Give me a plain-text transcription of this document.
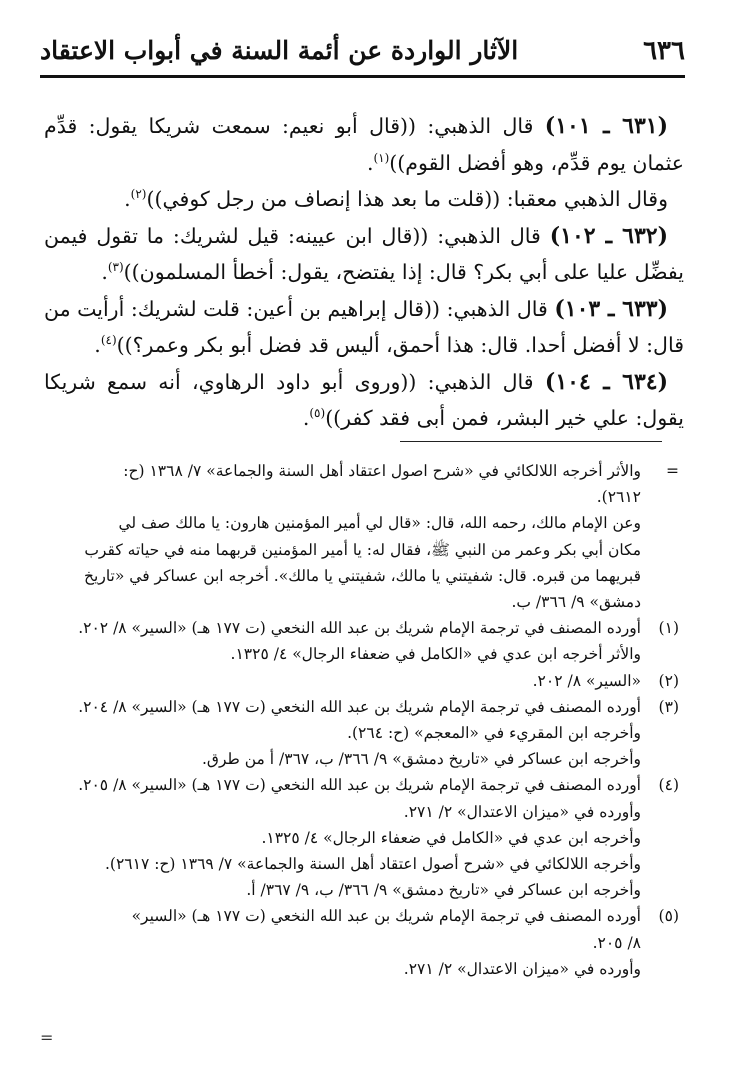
٦٣٦
الآثار الواردة عن أئمة السنة في أبواب الاعتقاد

(٦٣١ ـ ١٠١) قال الذهبي: ((قال أبو نعيم: سمعت شريكا يقول: قدِّم عثمان يوم قدِّم، وهو أفضل القوم))$^{(١)}$.

وقال الذهبي معقبا: ((قلت ما بعد هذا إنصاف من رجل كوفي))$^{(٢)}$.

(٦٣٢ ـ ١٠٢) قال الذهبي: ((قال ابن عيينه: قيل لشريك: ما تقول فيمن يفضِّل عليا على أبي بكر؟ قال: إذا يفتضح، يقول: أخطأ المسلمون))$^{(٣)}$.

(٦٣٣ ـ ١٠٣) قال الذهبي: ((قال إبراهيم بن أعين: قلت لشريك: أرأيت من قال: لا أفضل أحدا. قال: هذا أحمق، أليس قد فضل أبو بكر وعمر؟))$^{(٤)}$.

(٦٣٤ ـ ١٠٤) قال الذهبي: ((وروى أبو داود الرهاوي، أنه سمع شريكا يقول: علي خير البشر، فمن أبى فقد كفر))$^{(٥)}$.

=
والأثر أخرجه اللالكائي في «شرح اصول اعتقاد أهل السنة والجماعة» ٧/ ١٣٦٨ (ح:
٢٦١٢).
وعن الإمام مالك، رحمه الله، قال: «قال لي أمير المؤمنين هارون: يا مالك صف لي
مكان أبي بكر وعمر من النبي ﷺ، فقال له: يا أمير المؤمنين قربهما منه في حياته كقرب
قبريهما من قبره. قال: شفيتني يا مالك، شفيتني يا مالك». أخرجه ابن عساكر في «تاريخ
دمشق» ٩/ ٣٦٦/ ب.
(١)
أورده المصنف في ترجمة الإمام شريك بن عبد الله النخعي (ت ١٧٧ هـ) «السير» ٨/ ٢٠٢.
والأثر أخرجه ابن عدي في «الكامل في ضعفاء الرجال» ٤/ ١٣٢٥.
(٢)
«السير» ٨/ ٢٠٢.
(٣)
أورده المصنف في ترجمة الإمام شريك بن عبد الله النخعي (ت ١٧٧ هـ) «السير» ٨/ ٢٠٤.
وأخرجه ابن المقريء في «المعجم» (ح: ٢٦٤).
وأخرجه ابن عساكر في «تاريخ دمشق» ٩/ ٣٦٦/ ب، ٣٦٧/ أ من طرق.
(٤)
أورده المصنف في ترجمة الإمام شريك بن عبد الله النخعي (ت ١٧٧ هـ) «السير» ٨/ ٢٠٥.
وأورده في «ميزان الاعتدال» ٢/ ٢٧١.
وأخرجه ابن عدي في «الكامل في ضعفاء الرجال» ٤/ ١٣٢٥.
وأخرجه اللالكائي في «شرح أصول اعتقاد أهل السنة والجماعة» ٧/ ١٣٦٩ (ح: ٢٦١٧).
وأخرجه ابن عساكر في «تاريخ دمشق» ٩/ ٣٦٦/ ب، ٩/ ٣٦٧/ أ.
(٥)
أورده المصنف في ترجمة الإمام شريك بن عبد الله النخعي (ت ١٧٧ هـ) «السير»
٨/ ٢٠٥.
وأورده في «ميزان الاعتدال» ٢/ ٢٧١.
=
